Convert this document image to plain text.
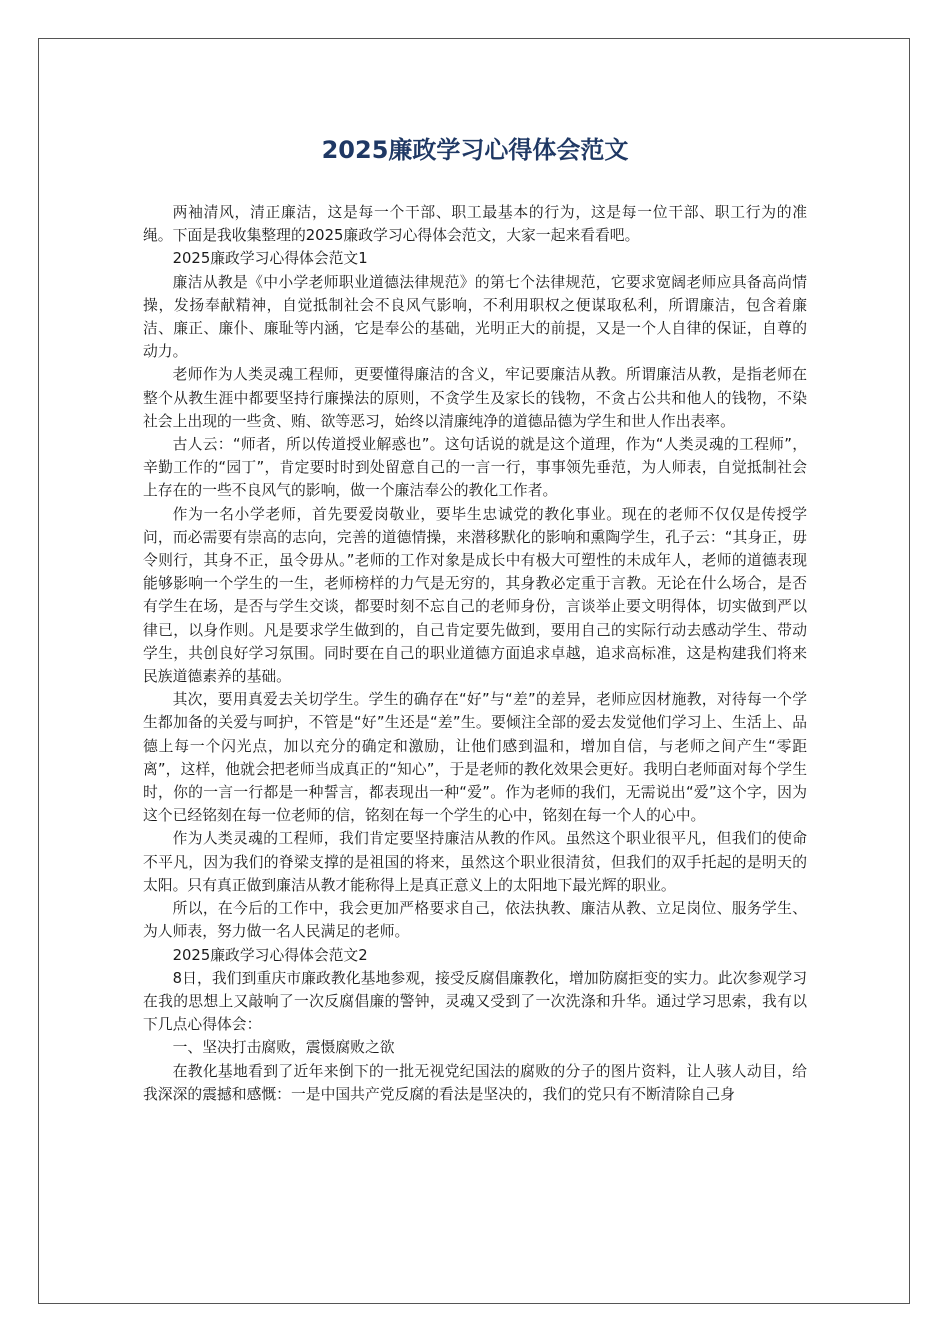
2025廉政学习心得体会范文

两袖清风，清正廉洁，这是每一个干部、职工最基本的行为，这是每一位干部、职工行为的准绳。下面是我收集整理的2025廉政学习心得体会范文，大家一起来看看吧。

2025廉政学习心得体会范文1

廉洁从教是《中小学老师职业道德法律规范》的第七个法律规范，它要求宽阔老师应具备高尚情操，发扬奉献精神，自觉抵制社会不良风气影响，不利用职权之便谋取私利，所谓廉洁，包含着廉洁、廉正、廉仆、廉耻等内涵，它是奉公的基础，光明正大的前提，又是一个人自律的保证，自尊的动力。

老师作为人类灵魂工程师，更要懂得廉洁的含义，牢记要廉洁从教。所谓廉洁从教，是指老师在整个从教生涯中都要坚持行廉操法的原则，不贪学生及家长的钱物，不贪占公共和他人的钱物，不染社会上出现的一些贪、贿、欲等恶习，始终以清廉纯净的道德品德为学生和世人作出表率。

古人云：“师者，所以传道授业解惑也”。这句话说的就是这个道理，作为“人类灵魂的工程师”，辛勤工作的“园丁”，肯定要时时到处留意自己的一言一行，事事领先垂范，为人师表，自觉抵制社会上存在的一些不良风气的影响，做一个廉洁奉公的教化工作者。

作为一名小学老师，首先要爱岗敬业，要毕生忠诚党的教化事业。现在的老师不仅仅是传授学问，而必需要有崇高的志向，完善的道德情操，来潜移默化的影响和熏陶学生，孔子云：“其身正，毋令则行，其身不正，虽令毋从。”老师的工作对象是成长中有极大可塑性的未成年人，老师的道德表现能够影响一个学生的一生，老师榜样的力气是无穷的，其身教必定重于言教。无论在什么场合，是否有学生在场，是否与学生交谈，都要时刻不忘自己的老师身份，言谈举止要文明得体，切实做到严以律已，以身作则。凡是要求学生做到的，自己肯定要先做到，要用自己的实际行动去感动学生、带动学生，共创良好学习氛围。同时要在自己的职业道德方面追求卓越，追求高标准，这是构建我们将来民族道德素养的基础。

其次，要用真爱去关切学生。学生的确存在“好”与“差”的差异，老师应因材施教，对待每一个学生都加备的关爱与呵护，不管是“好”生还是“差”生。要倾注全部的爱去发觉他们学习上、生活上、品德上每一个闪光点，加以充分的确定和激励，让他们感到温和，增加自信，与老师之间产生“零距离”，这样，他就会把老师当成真正的“知心”，于是老师的教化效果会更好。我明白老师面对每个学生时，你的一言一行都是一种誓言，都表现出一种“爱”。作为老师的我们，无需说出“爱”这个字，因为这个已经铭刻在每一位老师的信，铭刻在每一个学生的心中，铭刻在每一个人的心中。

作为人类灵魂的工程师，我们肯定要坚持廉洁从教的作风。虽然这个职业很平凡，但我们的使命不平凡，因为我们的脊梁支撑的是祖国的将来，虽然这个职业很清贫，但我们的双手托起的是明天的太阳。只有真正做到廉洁从教才能称得上是真正意义上的太阳地下最光辉的职业。

所以，在今后的工作中，我会更加严格要求自己，依法执教、廉洁从教、立足岗位、服务学生、为人师表，努力做一名人民满足的老师。

2025廉政学习心得体会范文2

8日，我们到重庆市廉政教化基地参观，接受反腐倡廉教化，增加防腐拒变的实力。此次参观学习在我的思想上又敲响了一次反腐倡廉的警钟，灵魂又受到了一次洗涤和升华。通过学习思索，我有以下几点心得体会：

一、坚决打击腐败，震慑腐败之欲

在教化基地看到了近年来倒下的一批无视党纪国法的腐败的分子的图片资料，让人骇人动目，给我深深的震撼和感慨：一是中国共产党反腐的看法是坚决的，我们的党只有不断清除自己身
